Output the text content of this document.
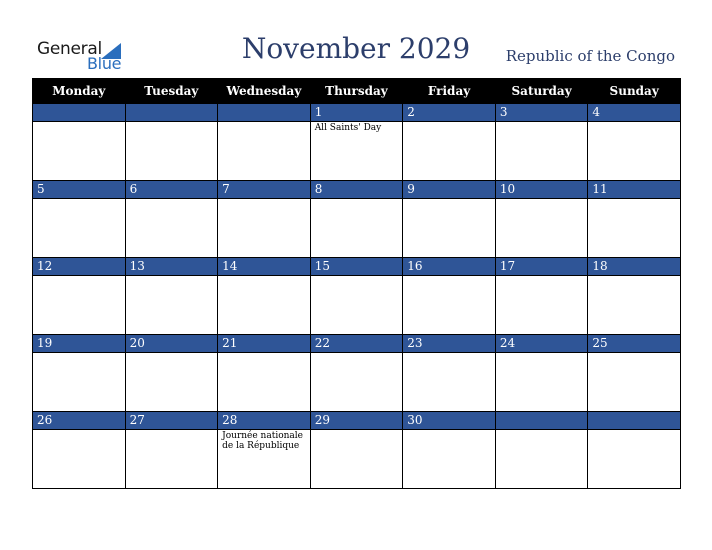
General
Blue	November 2029	Republic of the Congo
Monday	Tuesday	Wednesday	Thursday	Friday	Saturday	Sunday
			1	2	3	4

			All Saints' Day			

5	6	7	8	9	10	11

12	13	14	15	16	17	18

19	20	21	22	23	24	25

26	27	28	29	30		

		Journée nationale de la République				
